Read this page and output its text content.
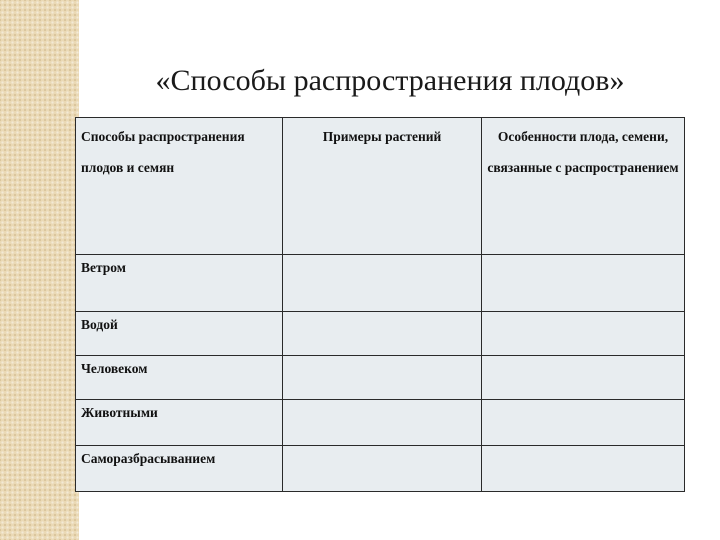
«Способы распространения плодов»
Способы распространения плодов и семян	Примеры растений	Особенности плода, семени, связанные с распространением
Ветром		
Водой		
Человеком		
Животными		
Саморазбрасыванием		
